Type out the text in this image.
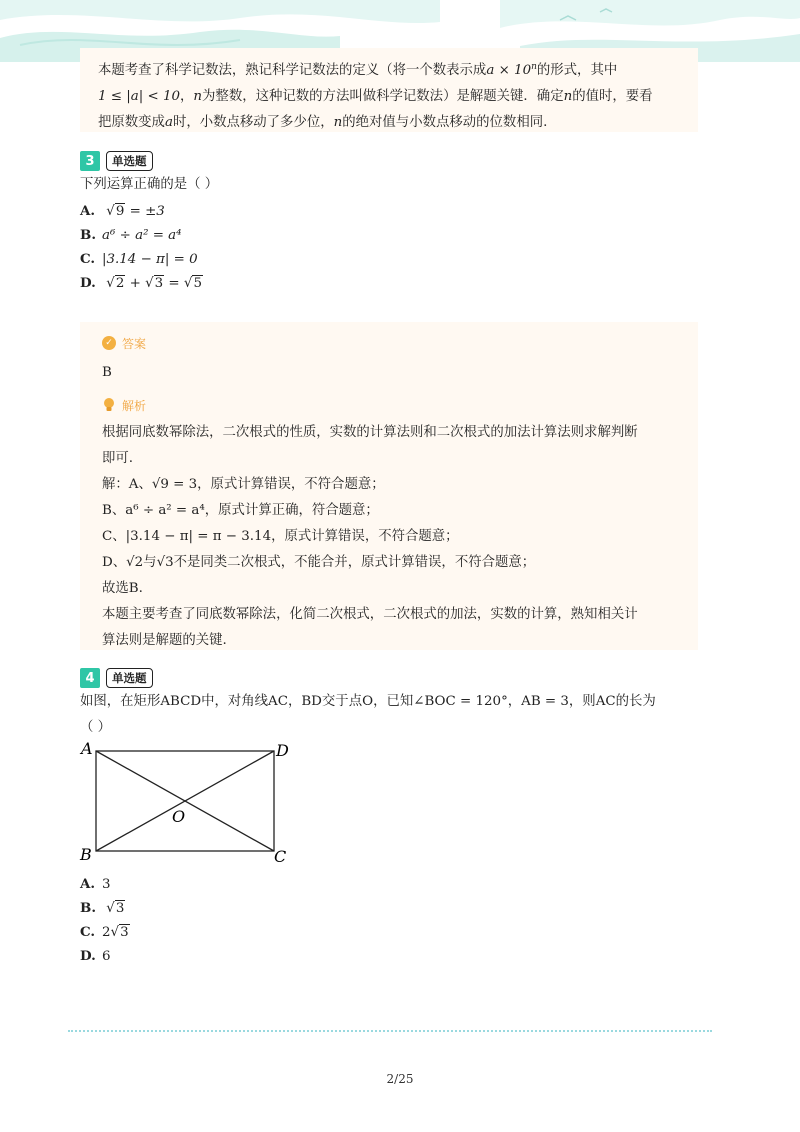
本题考查了科学记数法，熟记科学记数法的定义（将一个数表示成$a \times 10^n$的形式，其中
1 ≤ |a| < 10，n为整数，这种记数的方法叫做科学记数法）是解题关键．确定n的值时，要看
把原数变成a时，小数点移动了多少位，n的绝对值与小数点移动的位数相同.
3	单选题
下列运算正确的是（ ）
A. √9 = ±3
B. a⁶ ÷ a² = a⁴
C. |3.14 − π| = 0
D. √2 + √3 = √5
✓ 答案
B
解析
根据同底数幂除法，二次根式的性质，实数的计算法则和二次根式的加法计算法则求解判断
即可.
解：A、√9 = 3，原式计算错误，不符合题意；
B、a⁶ ÷ a² = a⁴，原式计算正确，符合题意；
C、|3.14 − π| = π − 3.14，原式计算错误，不符合题意；
D、√2与√3不是同类二次根式，不能合并，原式计算错误，不符合题意；
故选B.
本题主要考查了同底数幂除法，化简二次根式，二次根式的加法，实数的计算，熟知相关计
算法则是解题的关键.
4	单选题
如图，在矩形ABCD中，对角线AC，BD交于点O，已知∠BOC = 120°，AB = 3，则AC的长为
（ ）
A	D
B	C
O
A. 3
B. √3
C. 2√3
D. 6
2/25
